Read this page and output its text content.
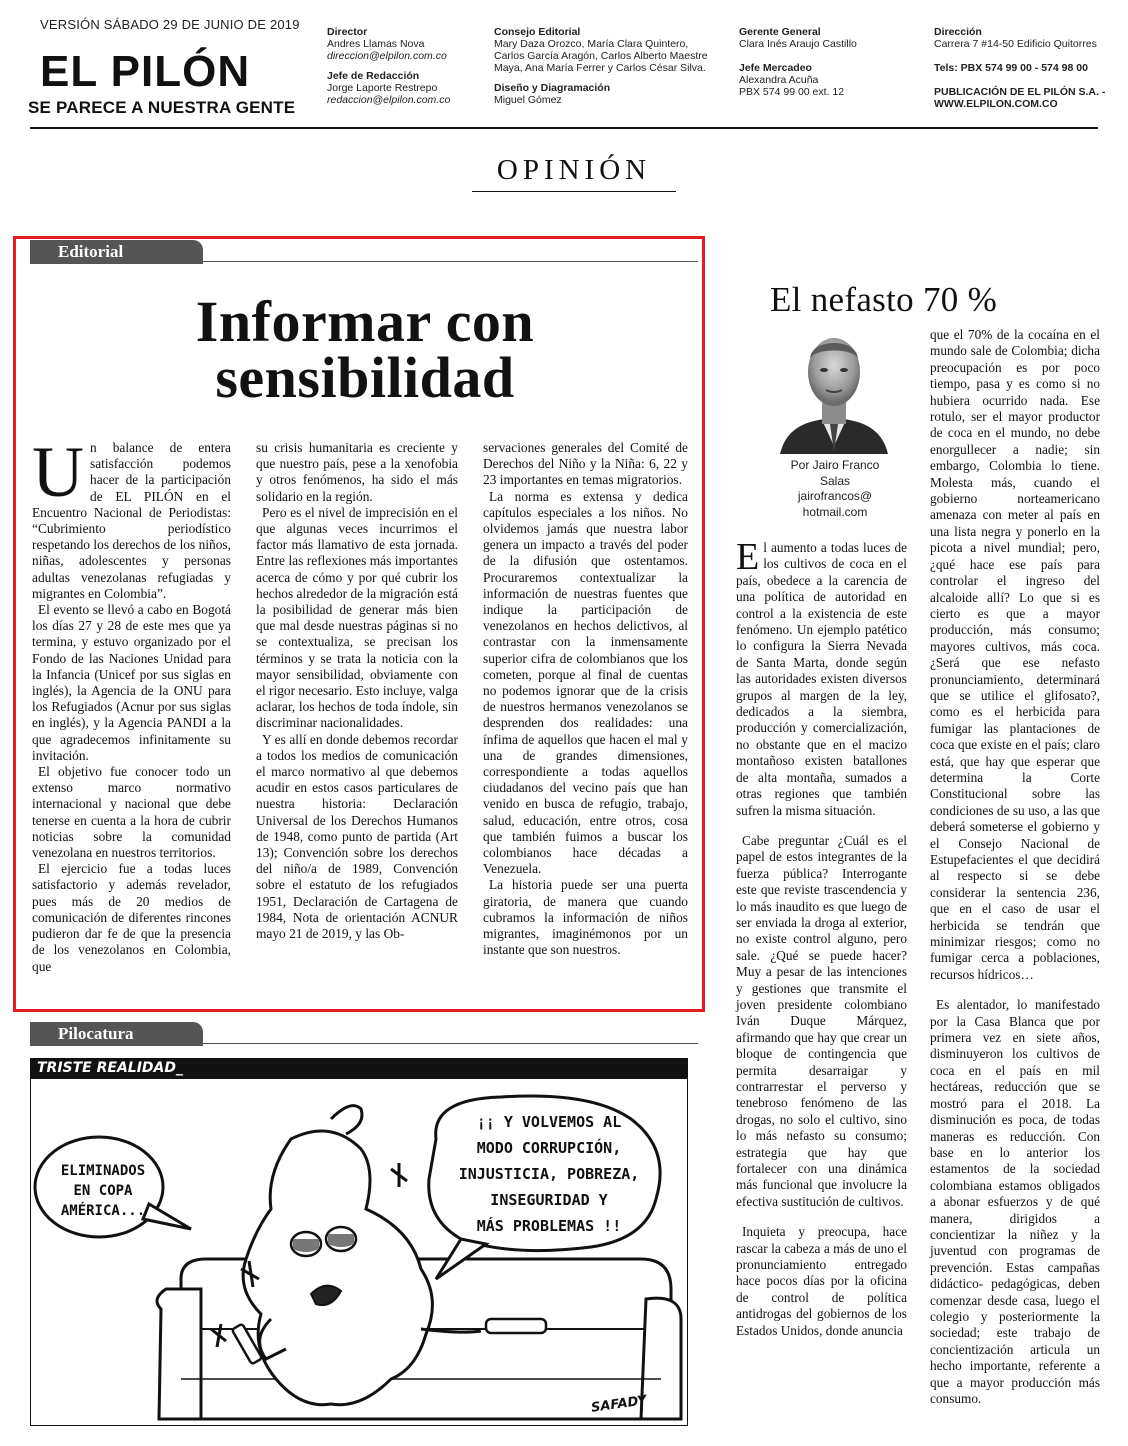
VERSIÓN SÁBADO 29 DE JUNIO DE 2019
EL PILÓN
SE PARECE A NUESTRA GENTE
Director
Andres Llamas Nova
direccion@elpilon.com.co
Jefe de Redacción
Jorge Laporte Restrepo
redaccion@elpilon.com.co
Consejo Editorial
Mary Daza Orozco, María Clara Quintero,
Carlos García Aragón, Carlos Alberto Maestre
Maya, Ana María Ferrer y Carlos César Silva.
Diseño y Diagramación
Miguel Gómez
Gerente General
Clara Inés Araujo Castillo
Jefe Mercadeo
Alexandra Acuña
PBX 574 99 00 ext. 12
Dirección
Carrera 7 #14-50 Edificio Quitorres
Tels: PBX 574 99 00 - 574 98 00
PUBLICACIÓN DE EL PILÓN S.A. -
WWW.ELPILON.COM.CO
OPINIÓN
Editorial
Informar con
sensibilidad
U n balance de entera satisfacción podemos hacer de la participación de EL PILÓN en el Encuentro Nacional de Periodistas: “Cubrimiento periodístico respetando los derechos de los niños, niñas, adolescentes y personas adultas venezolanas refugiadas y migrantes en Colombia”.

El evento se llevó a cabo en Bogotá los días 27 y 28 de este mes que ya termina, y estuvo organizado por el Fondo de las Naciones Unidad para la Infancia (Unicef por sus siglas en inglés), la Agencia de la ONU para los Refugiados (Acnur por sus siglas en inglés), y la Agencia PANDI a la que agradecemos infinitamente su invitación.

El objetivo fue conocer todo un extenso marco normativo internacional y nacional que debe tenerse en cuenta a la hora de cubrir noticias sobre la comunidad venezolana en nuestros territorios.

El ejercicio fue a todas luces satisfactorio y además revelador, pues más de 20 medios de comunicación de diferentes rincones pudieron dar fe de que la presencia de los venezolanos en Colombia, que

su crisis humanitaria es creciente y que nuestro país, pese a la xenofobia y otros fenómenos, ha sido el más solidario en la región.

Pero es el nivel de imprecisión en el que algunas veces incurrimos el factor más llamativo de esta jornada. Entre las reflexiones más importantes acerca de cómo y por qué cubrir los hechos alrededor de la migración está la posibilidad de generar más bien que mal desde nuestras páginas si no se contextualiza, se precisan los términos y se trata la noticia con la mayor sensibilidad, obviamente con el rigor necesario. Esto incluye, valga aclarar, los hechos de toda índole, sin discriminar nacionalidades.

Y es allí en donde debemos recordar a todos los medios de comunicación el marco normativo al que debemos acudir en estos casos particulares de nuestra historia: Declaración Universal de los Derechos Humanos de 1948, como punto de partida (Art 13); Convención sobre los derechos del niño/a de 1989, Convención sobre el estatuto de los refugiados 1951, Declaración de Cartagena de 1984, Nota de orientación ACNUR mayo 21 de 2019, y las Ob-

servaciones generales del Comité de Derechos del Niño y la Niña: 6, 22 y 23 importantes en temas migratorios.

La norma es extensa y dedica capítulos especiales a los niños. No olvidemos jamás que nuestra labor genera un impacto a través del poder de la difusión que ostentamos. Procuraremos contextualizar la información de nuestras fuentes que indique la participación de venezolanos en hechos delictivos, al contrastar con la inmensamente superior cifra de colombianos que los cometen, porque al final de cuentas no podemos ignorar que de la crisis de nuestros hermanos venezolanos se desprenden dos realidades: una ínfima de aquellos que hacen el mal y una de grandes dimensiones, correspondiente a todas aquellos ciudadanos del vecino país que han venido en busca de refugio, trabajo, salud, educación, entre otros, cosa que también fuimos a buscar los colombianos hace décadas a Venezuela.

La historia puede ser una puerta giratoria, de manera que cuando cubramos la información de niños migrantes, imaginémonos por un instante que son nuestros.

El nefasto 70 %
Por Jairo Franco
Salas
jairofrancos@
hotmail.com
E l aumento a todas luces de los cultivos de coca en el país, obedece a la carencia de una política de autoridad en control a la existencia de este fenómeno. Un ejemplo patético lo configura la Sierra Nevada de Santa Marta, donde según las autoridades existen diversos grupos al margen de la ley, dedicados a la siembra, producción y comercialización, no obstante que en el macizo montañoso existen batallones de alta montaña, sumados a otras regiones que también sufren la misma situación.

Cabe preguntar ¿Cuál es el papel de estos integrantes de la fuerza pública? Interrogante este que reviste trascendencia y lo más inaudito es que luego de ser enviada la droga al exterior, no existe control alguno, pero sale. ¿Qué se puede hacer? Muy a pesar de las intenciones y gestiones que transmite el joven presidente colombiano Iván Duque Márquez, afirmando que hay que crear un bloque de contingencia que permita desarraigar y contrarrestar el perverso y tenebroso fenómeno de las drogas, no solo el cultivo, sino lo más nefasto su consumo; estrategia que hay que fortalecer con una dinámica más funcional que involucre la efectiva sustitución de cultivos.

Inquieta y preocupa, hace rascar la cabeza a más de uno el pronunciamiento entregado hace pocos días por la oficina de control de política antidrogas del gobiernos de los Estados Unidos, donde anuncia

que el 70% de la cocaína en el mundo sale de Colombia; dicha preocupación es por poco tiempo, pasa y es como si no hubiera ocurrido nada. Ese rotulo, ser el mayor productor de coca en el mundo, no debe enorgullecer a nadie; sin embargo, Colombia lo tiene. Molesta más, cuando el gobierno norteamericano amenaza con meter al país en una lista negra y ponerlo en la picota a nivel mundial; pero, ¿qué hace ese país para controlar el ingreso del alcaloide allí? Lo que si es cierto es que a mayor producción, más consumo; mayores cultivos, más coca. ¿Será que ese nefasto pronunciamiento, determinará que se utilice el glifosato?, como es el herbicida para fumigar las plantaciones de coca que existe en el país; claro está, que hay que esperar que determina la Corte Constitucional sobre las condiciones de su uso, a las que deberá someterse el gobierno y el Consejo Nacional de Estupefacientes el que decidirá al respecto si se debe considerar la sentencia 236, que en el caso de usar el herbicida se tendrán que minimizar riesgos; como no fumigar cerca a poblaciones, recursos hídricos…

Es alentador, lo manifestado por la Casa Blanca que por primera vez en siete años, disminuyeron los cultivos de coca en el país en mil hectáreas, reducción que se mostró para el 2018. La disminución es poca, de todas maneras es reducción. Con base en lo anterior los estamentos de la sociedad colombiana estamos obligados a abonar esfuerzos y de qué manera, dirigidos a concientizar la niñez y la juventud con programas de prevención. Estas campañas didáctico- pedagógicas, deben comenzar desde casa, luego el colegio y posteriormente la sociedad; este trabajo de concientización articula un hecho importante, referente a que a mayor producción más consumo.

Pilocatura
TRISTE REALIDAD_
ELIMINADOS
EN COPA
AMÉRICA...
¡¡ Y VOLVEMOS AL
MODO CORRUPCIÓN,
INJUSTICIA, POBREZA,
INSEGURIDAD Y
MÁS PROBLEMAS !!
SAFADY
